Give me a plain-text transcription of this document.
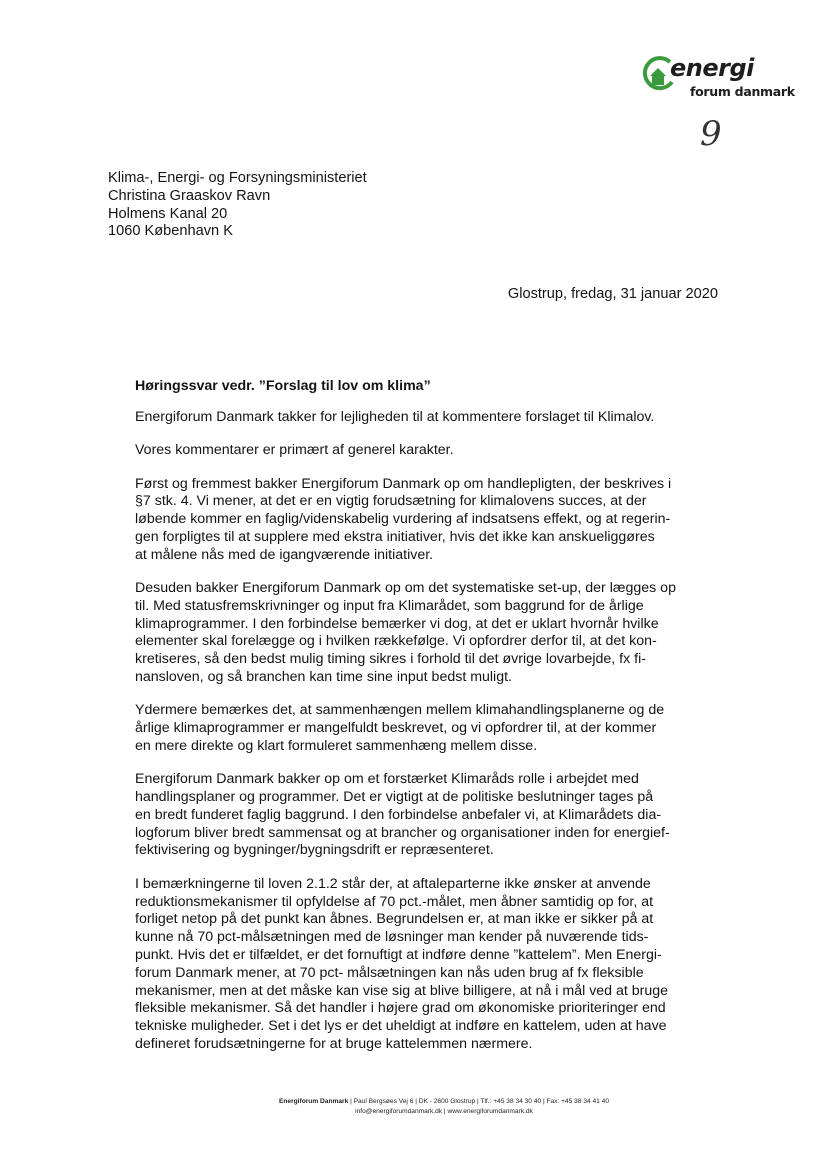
energi
forum danmark
9
Klima-, Energi- og Forsyningsministeriet
Christina Graaskov Ravn
Holmens Kanal 20
1060 København K
Glostrup, fredag, 31 januar 2020
Høringssvar vedr. ”Forslag til lov om klima”

Energiforum Danmark takker for lejligheden til at kommentere forslaget til Klimalov.

Vores kommentarer er primært af generel karakter.

Først og fremmest bakker Energiforum Danmark op om handlepligten, der beskrives i
§7 stk. 4. Vi mener, at det er en vigtig forudsætning for klimalovens succes, at der
løbende kommer en faglig/videnskabelig vurdering af indsatsens effekt, og at regerin-
gen forpligtes til at supplere med ekstra initiativer, hvis det ikke kan anskueliggøres
at målene nås med de igangværende initiativer.

Desuden bakker Energiforum Danmark op om det systematiske set-up, der lægges op
til. Med statusfremskrivninger og input fra Klimarådet, som baggrund for de årlige
klimaprogrammer. I den forbindelse bemærker vi dog, at det er uklart hvornår hvilke
elementer skal forelægge og i hvilken rækkefølge. Vi opfordrer derfor til, at det kon-
kretiseres, så den bedst mulig timing sikres i forhold til det øvrige lovarbejde, fx fi-
nansloven, og så branchen kan time sine input bedst muligt.

Ydermere bemærkes det, at sammenhængen mellem klimahandlingsplanerne og de
årlige klimaprogrammer er mangelfuldt beskrevet, og vi opfordrer til, at der kommer
en mere direkte og klart formuleret sammenhæng mellem disse.

Energiforum Danmark bakker op om et forstærket Klimaråds rolle i arbejdet med
handlingsplaner og programmer. Det er vigtigt at de politiske beslutninger tages på
en bredt funderet faglig baggrund. I den forbindelse anbefaler vi, at Klimarådets dia-
logforum bliver bredt sammensat og at brancher og organisationer inden for energief-
fektivisering og bygninger/bygningsdrift er repræsenteret.

I bemærkningerne til loven 2.1.2 står der, at aftaleparterne ikke ønsker at anvende
reduktionsmekanismer til opfyldelse af 70 pct.-målet, men åbner samtidig op for, at
forliget netop på det punkt kan åbnes. Begrundelsen er, at man ikke er sikker på at
kunne nå 70 pct-målsætningen med de løsninger man kender på nuværende tids-
punkt. Hvis det er tilfældet, er det fornuftigt at indføre denne ”kattelem”. Men Energi-
forum Danmark mener, at 70 pct- målsætningen kan nås uden brug af fx fleksible
mekanismer, men at det måske kan vise sig at blive billigere, at nå i mål ved at bruge
fleksible mekanismer. Så det handler i højere grad om økonomiske prioriteringer end
tekniske muligheder. Set i det lys er det uheldigt at indføre en kattelem, uden at have
defineret forudsætningerne for at bruge kattelemmen nærmere.

Energiforum Danmark | Paul Bergsøes Vej 6 | DK - 2600 Glostrup | Tlf.: +45 38 34 30 40 | Fax: +45 38 34 41 40
info@energiforumdanmark.dk | www.energiforumdanmark.dk
